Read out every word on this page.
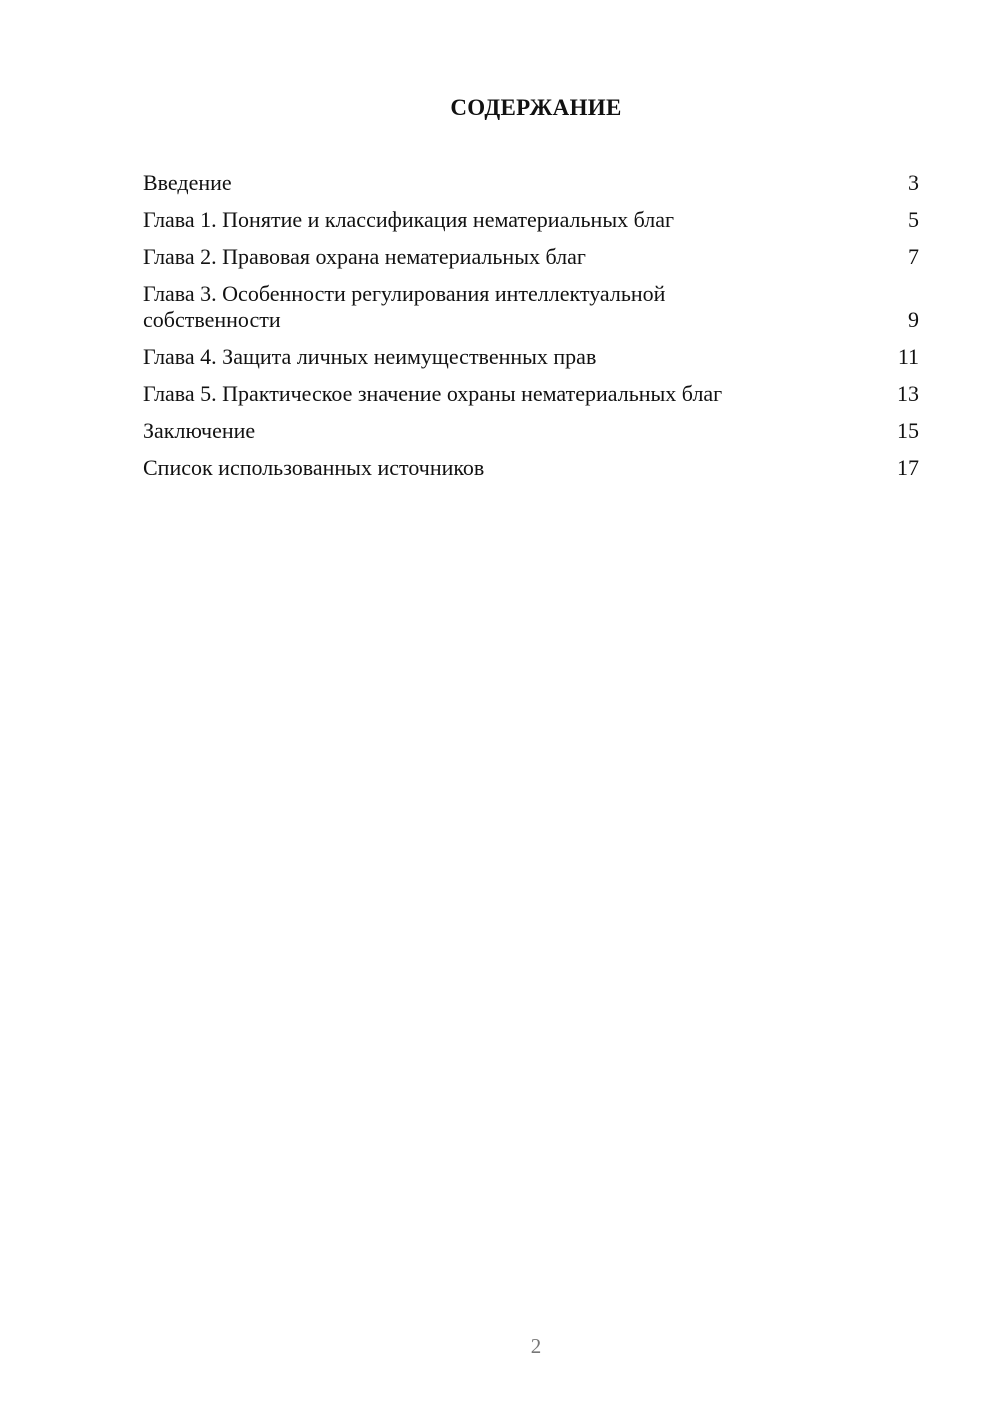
СОДЕРЖАНИЕ
Введение	3
Глава 1. Понятие и классификация нематериальных благ	5
Глава 2. Правовая охрана нематериальных благ	7
Глава 3. Особенности регулирования интеллектуальной собственности	9
Глава 4. Защита личных неимущественных прав	11
Глава 5. Практическое значение охраны нематериальных благ	13
Заключение	15
Список использованных источников	17
2
